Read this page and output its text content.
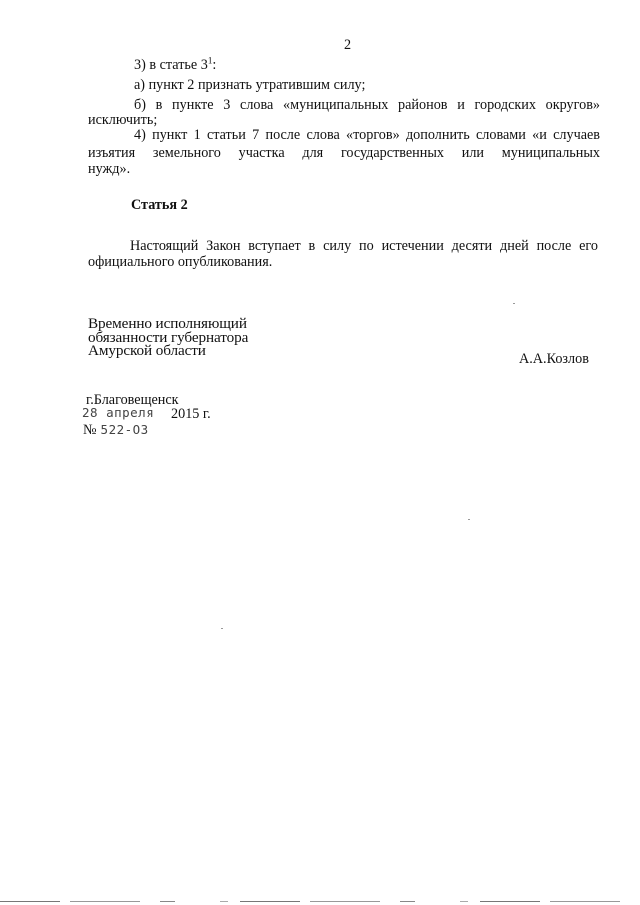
2
3) в статье $3^1$:
а) пункт 2 признать утратившим силу;
б) в пункте 3 слова «муниципальных районов и городских округов»
исключить;
4) пункт 1 статьи 7 после слова «торгов» дополнить словами «и случаев
изъятия земельного участка для государственных или муниципальных
нужд».
Статья 2
Настоящий Закон вступает в силу по истечении десяти дней после его
официального опубликования.
Временно исполняющий
обязанности губернатора
Амурской области	А.А.Козлов
г.Благовещенск
28 апреля 2015 г.
№ 522-ОЗ
